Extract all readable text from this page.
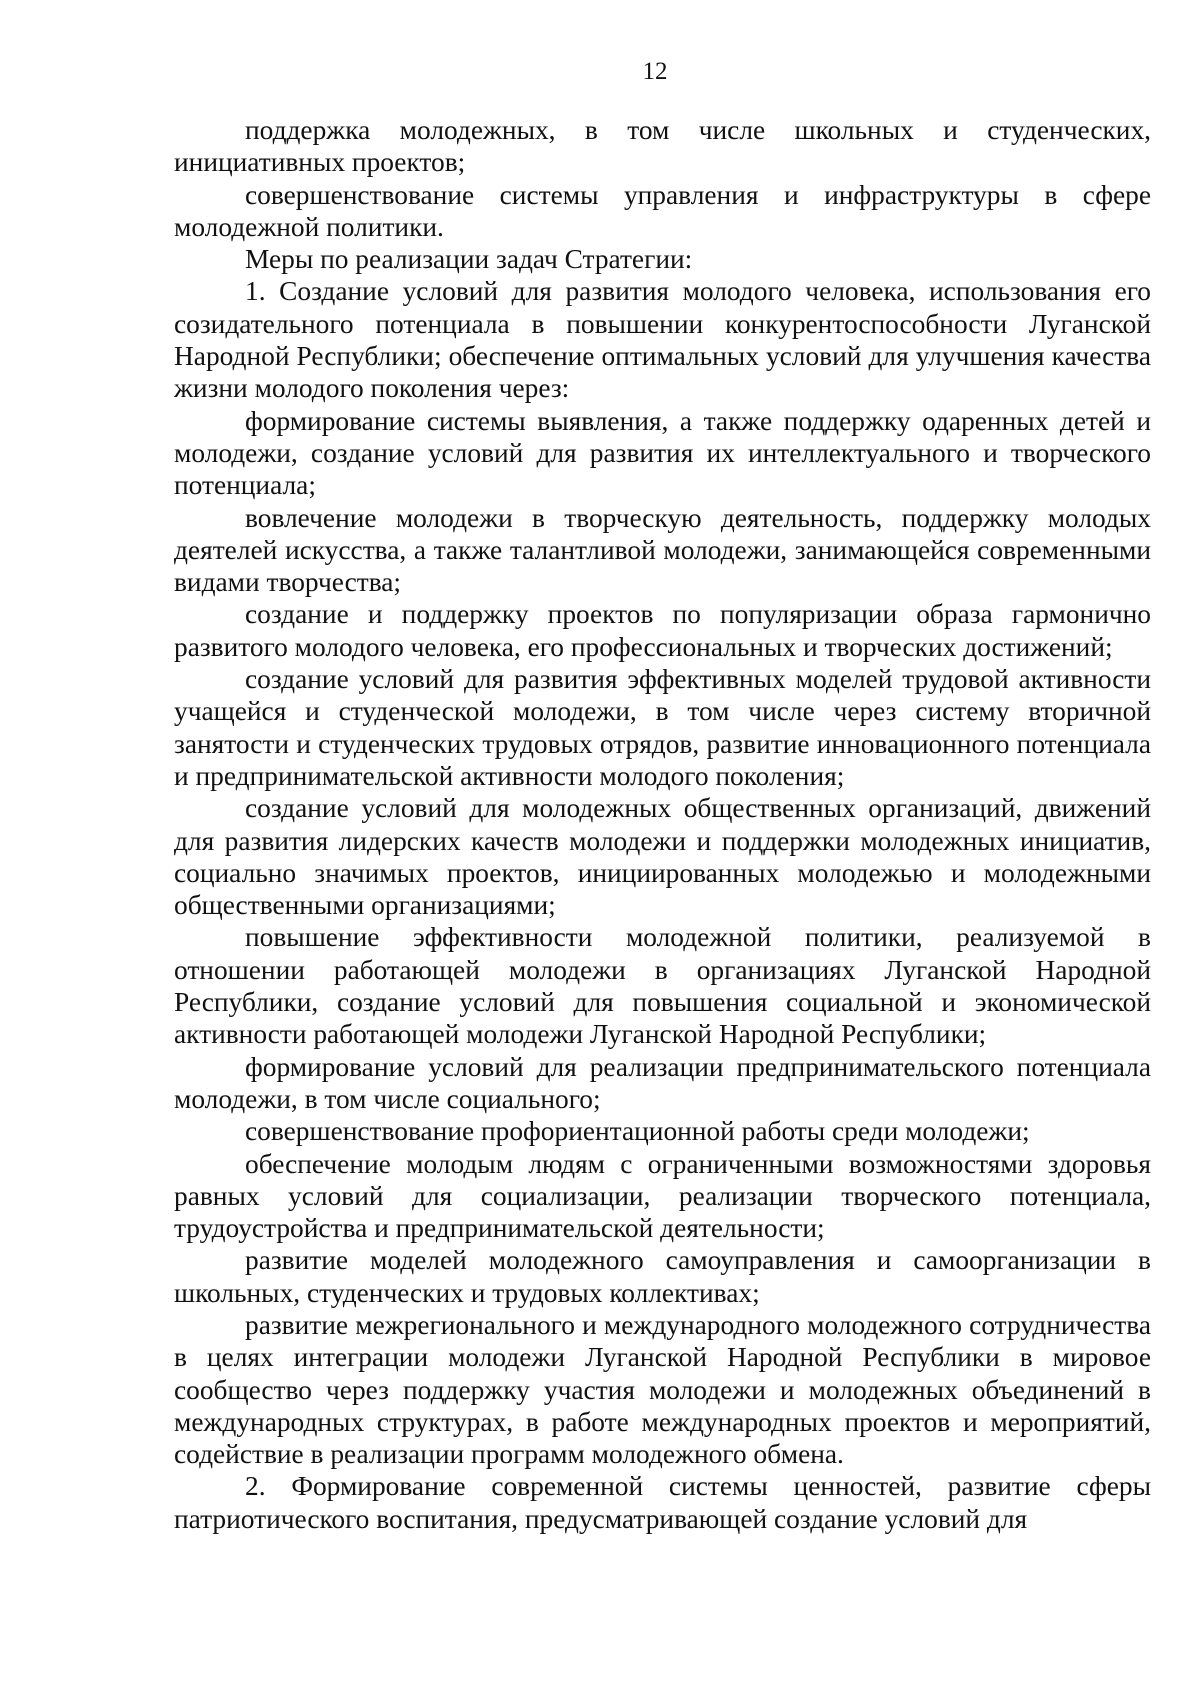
12

поддержка молодежных, в том числе школьных и студенческих, инициативных проектов;

совершенствование системы управления и инфраструктуры в сфере молодежной политики.

Меры по реализации задач Стратегии:

1. Создание условий для развития молодого человека, использования его созидательного потенциала в повышении конкурентоспособности Луганской Народной Республики; обеспечение оптимальных условий для улучшения качества жизни молодого поколения через:

формирование системы выявления, а также поддержку одаренных детей и молодежи, создание условий для развития их интеллектуального и творческого потенциала;

вовлечение молодежи в творческую деятельность, поддержку молодых деятелей искусства, а также талантливой молодежи, занимающейся современными видами творчества;

создание и поддержку проектов по популяризации образа гармонично развитого молодого человека, его профессиональных и творческих достижений;

создание условий для развития эффективных моделей трудовой активности учащейся и студенческой молодежи, в том числе через систему вторичной занятости и студенческих трудовых отрядов, развитие инновационного потенциала и предпринимательской активности молодого поколения;

создание условий для молодежных общественных организаций, движений для развития лидерских качеств молодежи и поддержки молодежных инициатив, социально значимых проектов, инициированных молодежью и молодежными общественными организациями;

повышение эффективности молодежной политики, реализуемой в отношении работающей молодежи в организациях Луганской Народной Республики, создание условий для повышения социальной и экономической активности работающей молодежи Луганской Народной Республики;

формирование условий для реализации предпринимательского потенциала молодежи, в том числе социального;

совершенствование профориентационной работы среди молодежи;

обеспечение молодым людям с ограниченными возможностями здоровья равных условий для социализации, реализации творческого потенциала, трудоустройства и предпринимательской деятельности;

развитие моделей молодежного самоуправления и самоорганизации в школьных, студенческих и трудовых коллективах;

развитие межрегионального и международного молодежного сотрудничества в целях интеграции молодежи Луганской Народной Республики в мировое сообщество через поддержку участия молодежи и молодежных объединений в международных структурах, в работе международных проектов и мероприятий, содействие в реализации программ молодежного обмена.

2. Формирование современной системы ценностей, развитие сферы патриотического воспитания, предусматривающей создание условий для
